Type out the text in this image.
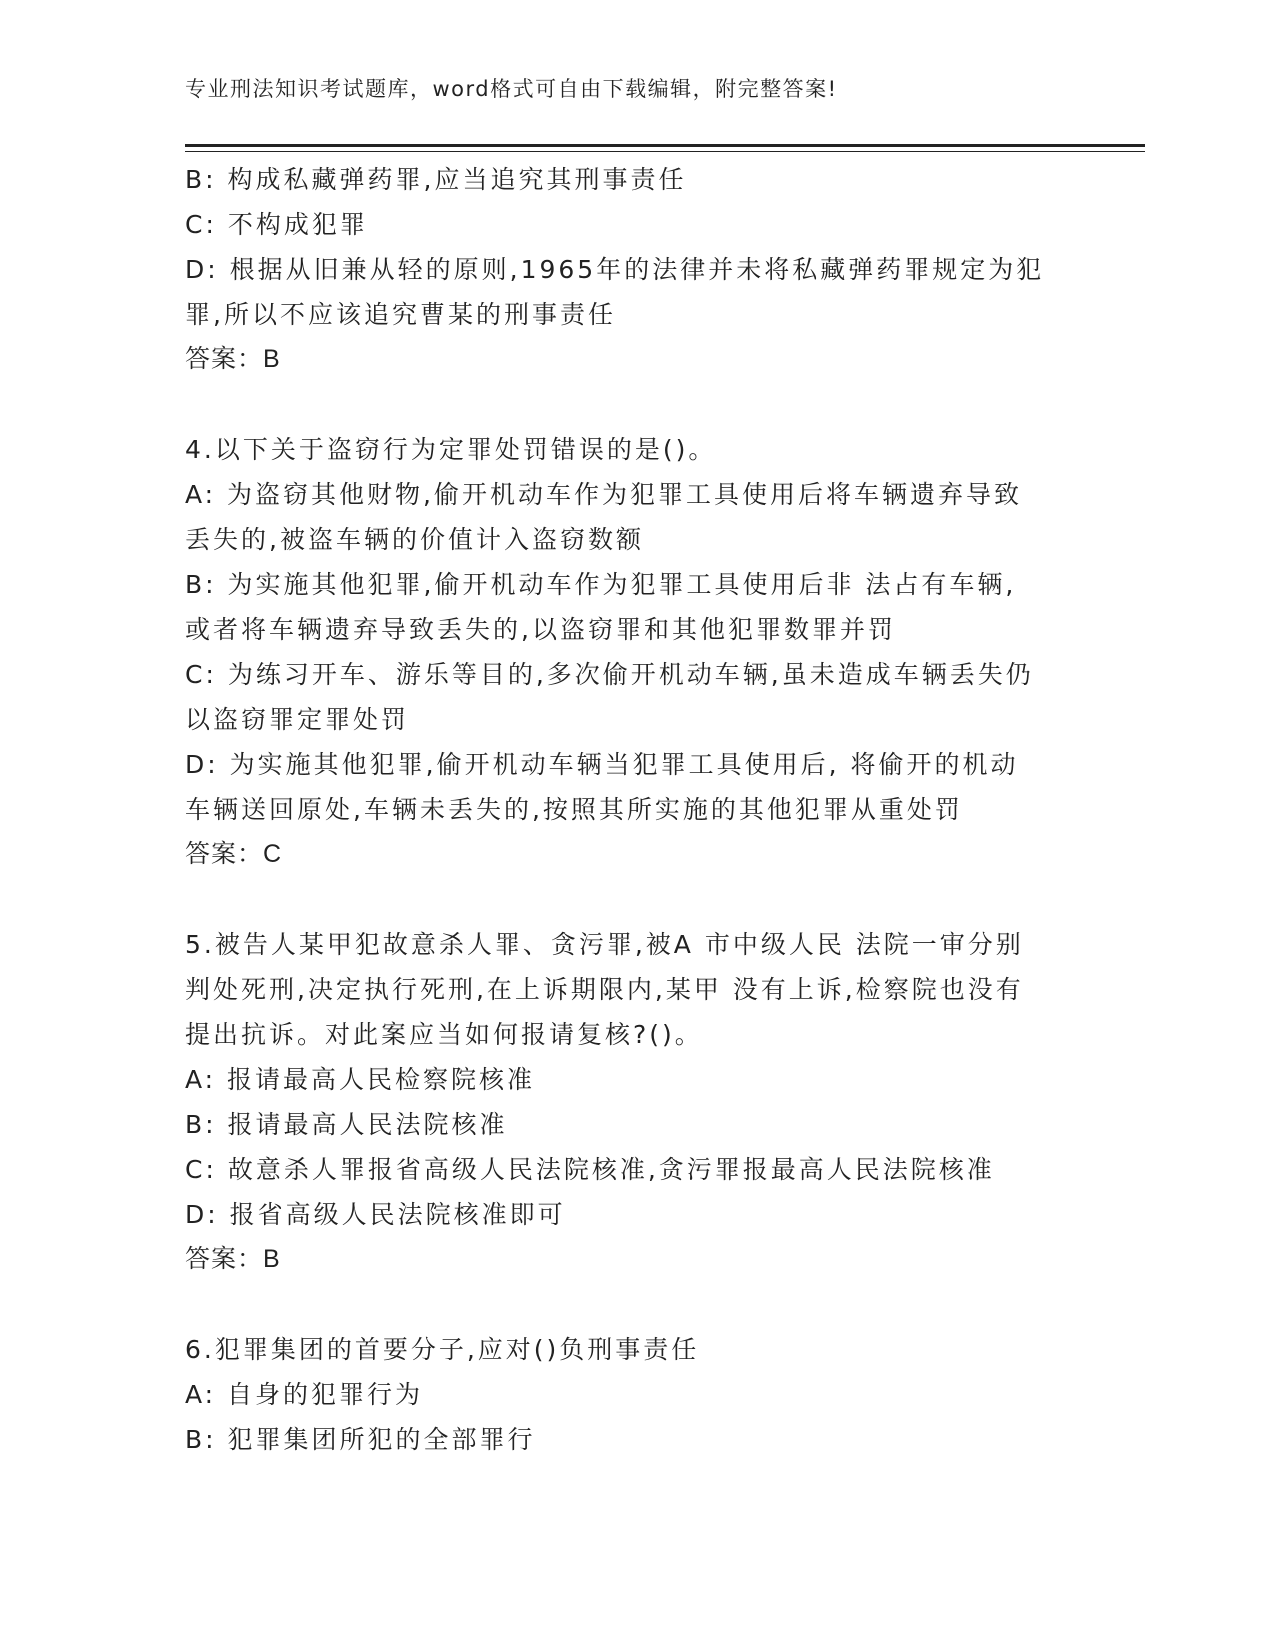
专业刑法知识考试题库，word格式可自由下载编辑，附完整答案!
B: 构成私藏弹药罪,应当追究其刑事责任
C: 不构成犯罪
D: 根据从旧兼从轻的原则,1965年的法律并未将私藏弹药罪规定为犯
罪,所以不应该追究曹某的刑事责任
答案：B
4.以下关于盗窃行为定罪处罚错误的是()。
A: 为盗窃其他财物,偷开机动车作为犯罪工具使用后将车辆遗弃导致
丢失的,被盗车辆的价值计入盗窃数额
B: 为实施其他犯罪,偷开机动车作为犯罪工具使用后非 法占有车辆,
或者将车辆遗弃导致丢失的,以盗窃罪和其他犯罪数罪并罚
C: 为练习开车、游乐等目的,多次偷开机动车辆,虽未造成车辆丢失仍
以盗窃罪定罪处罚
D: 为实施其他犯罪,偷开机动车辆当犯罪工具使用后, 将偷开的机动
车辆送回原处,车辆未丢失的,按照其所实施的其他犯罪从重处罚
答案：C
5.被告人某甲犯故意杀人罪、贪污罪,被A 市中级人民 法院一审分别
判处死刑,决定执行死刑,在上诉期限内,某甲 没有上诉,检察院也没有
提出抗诉。对此案应当如何报请复核?()。
A: 报请最高人民检察院核准
B: 报请最高人民法院核准
C: 故意杀人罪报省高级人民法院核准,贪污罪报最高人民法院核准
D: 报省高级人民法院核准即可
答案：B
6.犯罪集团的首要分子,应对()负刑事责任
A: 自身的犯罪行为
B: 犯罪集团所犯的全部罪行
